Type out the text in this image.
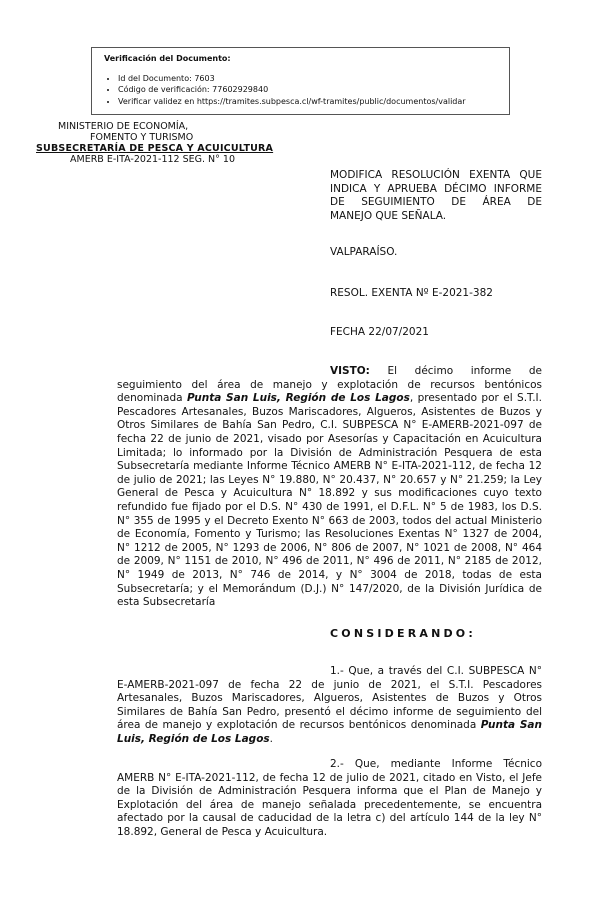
Verificación del Documento:
• Id del Documento: 7603
• Código de verificación: 77602929840
• Verificar validez en https://tramites.subpesca.cl/wf-tramites/public/documentos/validar
MINISTERIO DE ECONOMÍA,
FOMENTO Y TURISMO
SUBSECRETARÍA DE PESCA Y ACUICULTURA
AMERB E-ITA-2021-112 SEG. N° 10
MODIFICA RESOLUCIÓN EXENTA QUE
INDICA Y APRUEBA DÉCIMO INFORME
DE SEGUIMIENTO DE ÁREA DE
MANEJO QUE SEÑALA.
VALPARAÍSO.
RESOL. EXENTA Nº E-2021-382
FECHA 22/07/2021
VISTO: El décimo informe de seguimiento del área de manejo y explotación de recursos bentónicos denominada Punta San Luis, Región de Los Lagos, presentado por el S.T.I. Pescadores Artesanales, Buzos Mariscadores, Algueros, Asistentes de Buzos y Otros Similares de Bahía San Pedro, C.I. SUBPESCA N° E-AMERB-2021-097 de fecha 22 de junio de 2021, visado por Asesorías y Capacitación en Acuicultura Limitada; lo informado por la División de Administración Pesquera de esta Subsecretaría mediante Informe Técnico AMERB N° E-ITA-2021-112, de fecha 12 de julio de 2021; las Leyes N° 19.880, N° 20.437, N° 20.657 y N° 21.259; la Ley General de Pesca y Acuicultura N° 18.892 y sus modificaciones cuyo texto refundido fue fijado por el D.S. N° 430 de 1991, el D.F.L. N° 5 de 1983, los D.S. N° 355 de 1995 y el Decreto Exento N° 663 de 2003, todos del actual Ministerio de Economía, Fomento y Turismo; las Resoluciones Exentas N° 1327 de 2004, N° 1212 de 2005, N° 1293 de 2006, N° 806 de 2007, N° 1021 de 2008, N° 464 de 2009, N° 1151 de 2010, N° 496 de 2011, N° 496 de 2011, N° 2185 de 2012, N° 1949 de 2013, N° 746 de 2014, y N° 3004 de 2018, todas de esta Subsecretaría; y el Memorándum (D.J.) N° 147/2020, de la División Jurídica de esta Subsecretaría
CONSIDERANDO:
1.- Que, a través del C.I. SUBPESCA N° E-AMERB-2021-097 de fecha 22 de junio de 2021, el S.T.I. Pescadores Artesanales, Buzos Mariscadores, Algueros, Asistentes de Buzos y Otros Similares de Bahía San Pedro, presentó el décimo informe de seguimiento del área de manejo y explotación de recursos bentónicos denominada Punta San Luis, Región de Los Lagos.
2.- Que, mediante Informe Técnico AMERB N° E-ITA-2021-112, de fecha 12 de julio de 2021, citado en Visto, el Jefe de la División de Administración Pesquera informa que el Plan de Manejo y Explotación del área de manejo señalada precedentemente, se encuentra afectado por la causal de caducidad de la letra c) del artículo 144 de la ley N° 18.892, General de Pesca y Acuicultura.
